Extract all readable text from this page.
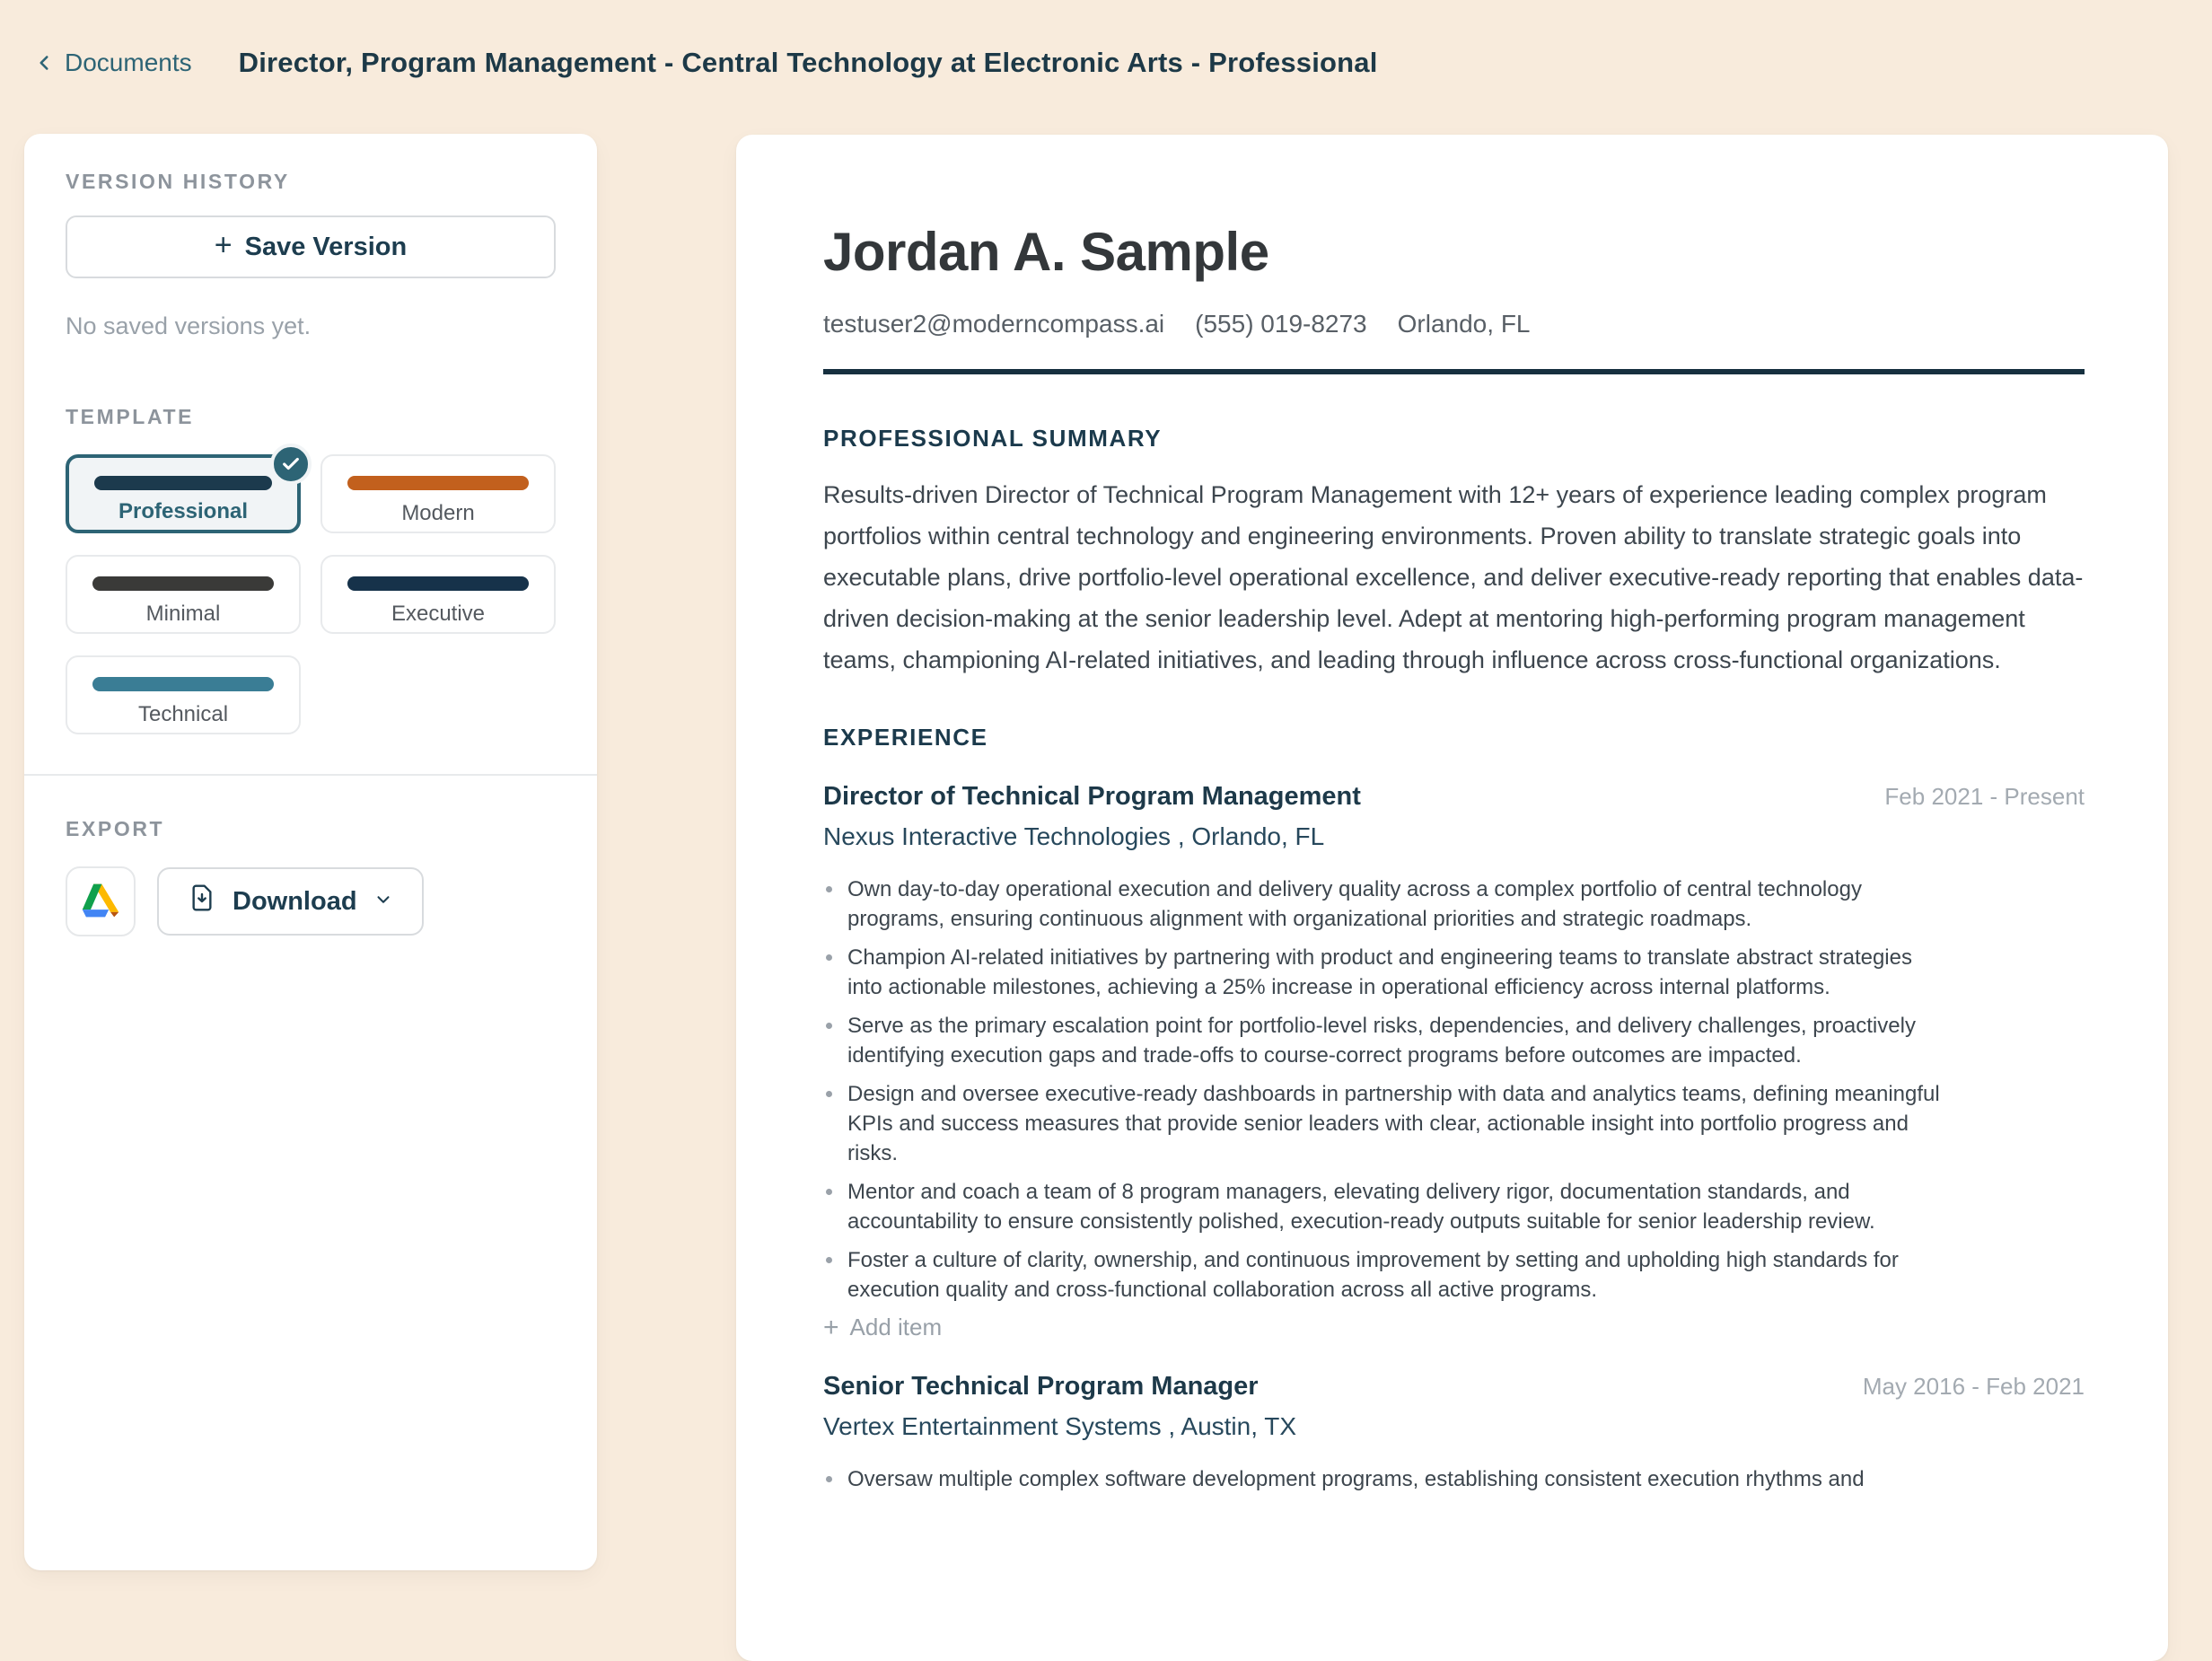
Documents Director, Program Management - Central Technology at Electronic Arts - Professional
VERSION HISTORY
+ Save Version
No saved versions yet.
TEMPLATE
Professional	Modern
Minimal	Executive
Technical
EXPORT
Download
Jordan A. Sample
testuser2@moderncompass.ai (555) 019-8273 Orlando, FL
PROFESSIONAL SUMMARY
Results-driven Director of Technical Program Management with 12+ years of experience leading complex program portfolios within central technology and engineering environments. Proven ability to translate strategic goals into executable plans, drive portfolio-level operational excellence, and deliver executive-ready reporting that enables data-driven decision-making at the senior leadership level. Adept at mentoring high-performing program management teams, championing AI-related initiatives, and leading through influence across cross-functional organizations.
EXPERIENCE
Director of Technical Program Management	Feb 2021 - Present
Nexus Interactive Technologies , Orlando, FL
Own day-to-day operational execution and delivery quality across a complex portfolio of central technology programs, ensuring continuous alignment with organizational priorities and strategic roadmaps.
Champion AI-related initiatives by partnering with product and engineering teams to translate abstract strategies into actionable milestones, achieving a 25% increase in operational efficiency across internal platforms.
Serve as the primary escalation point for portfolio-level risks, dependencies, and delivery challenges, proactively identifying execution gaps and trade-offs to course-correct programs before outcomes are impacted.
Design and oversee executive-ready dashboards in partnership with data and analytics teams, defining meaningful KPIs and success measures that provide senior leaders with clear, actionable insight into portfolio progress and risks.
Mentor and coach a team of 8 program managers, elevating delivery rigor, documentation standards, and accountability to ensure consistently polished, execution-ready outputs suitable for senior leadership review.
Foster a culture of clarity, ownership, and continuous improvement by setting and upholding high standards for execution quality and cross-functional collaboration across all active programs.
+ Add item
Senior Technical Program Manager	May 2016 - Feb 2021
Vertex Entertainment Systems , Austin, TX
Oversaw multiple complex software development programs, establishing consistent execution rhythms and
